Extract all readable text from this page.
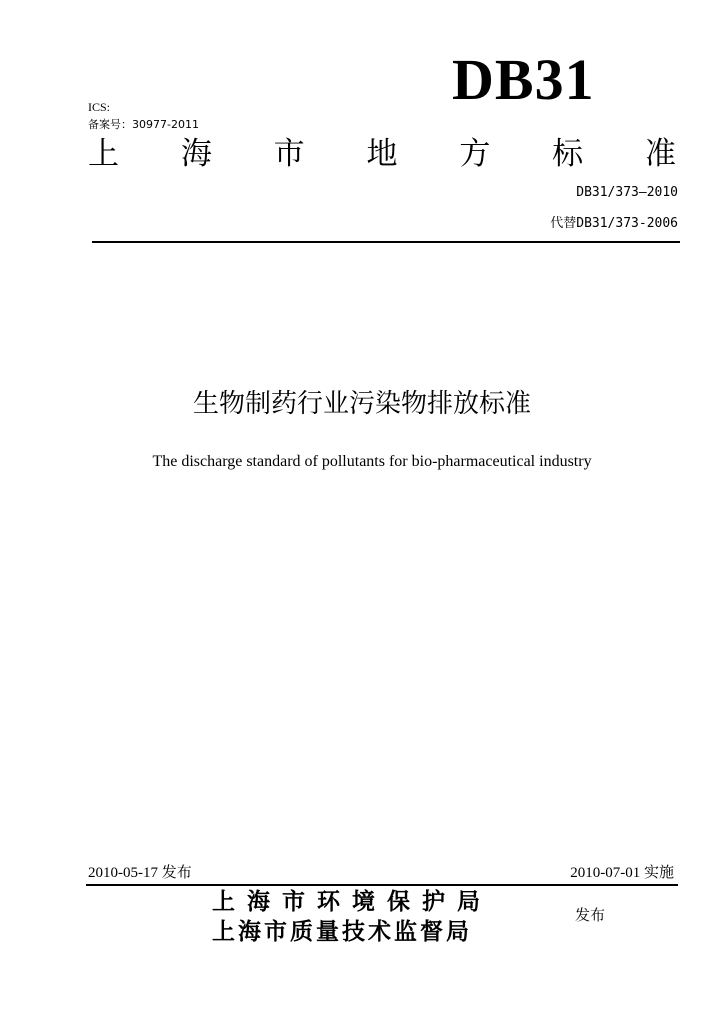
DB31
ICS:
备案号：30977-2011
上 海 市 地 方 标 准
DB31/373—2010
代替DB31/373-2006
生物制药行业污染物排放标准
The discharge standard of pollutants for bio-pharmaceutical industry
2010-05-17 发布	2010-07-01 实施
上海市环境保护局
上海市质量技术监督局
发布
